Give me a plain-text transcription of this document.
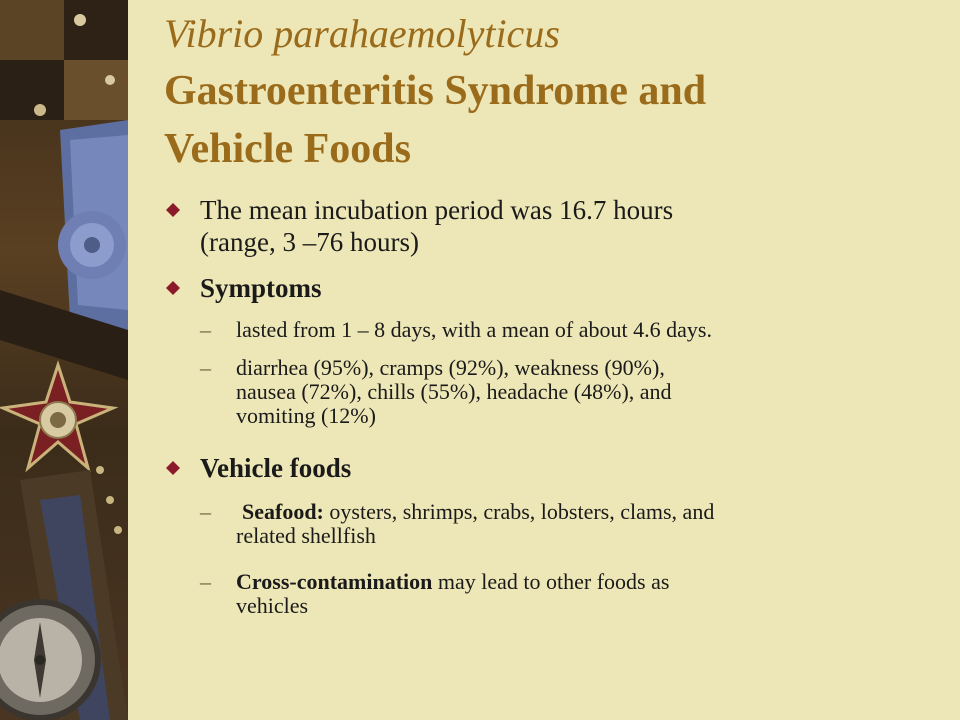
Vibrio parahaemolyticus
Gastroenteritis Syndrome and
Vehicle Foods
The mean incubation period was 16.7 hours
(range, 3 –76 hours)
Symptoms
–	lasted from 1 – 8 days, with a mean of about 4.6 days.
–	diarrhea (95%), cramps (92%), weakness (90%),
nausea (72%), chills (55%), headache (48%), and
vomiting (12%)
Vehicle foods
–	Seafood: oysters, shrimps, crabs, lobsters, clams, and
related shellfish
–	Cross-contamination may lead to other foods as
vehicles
